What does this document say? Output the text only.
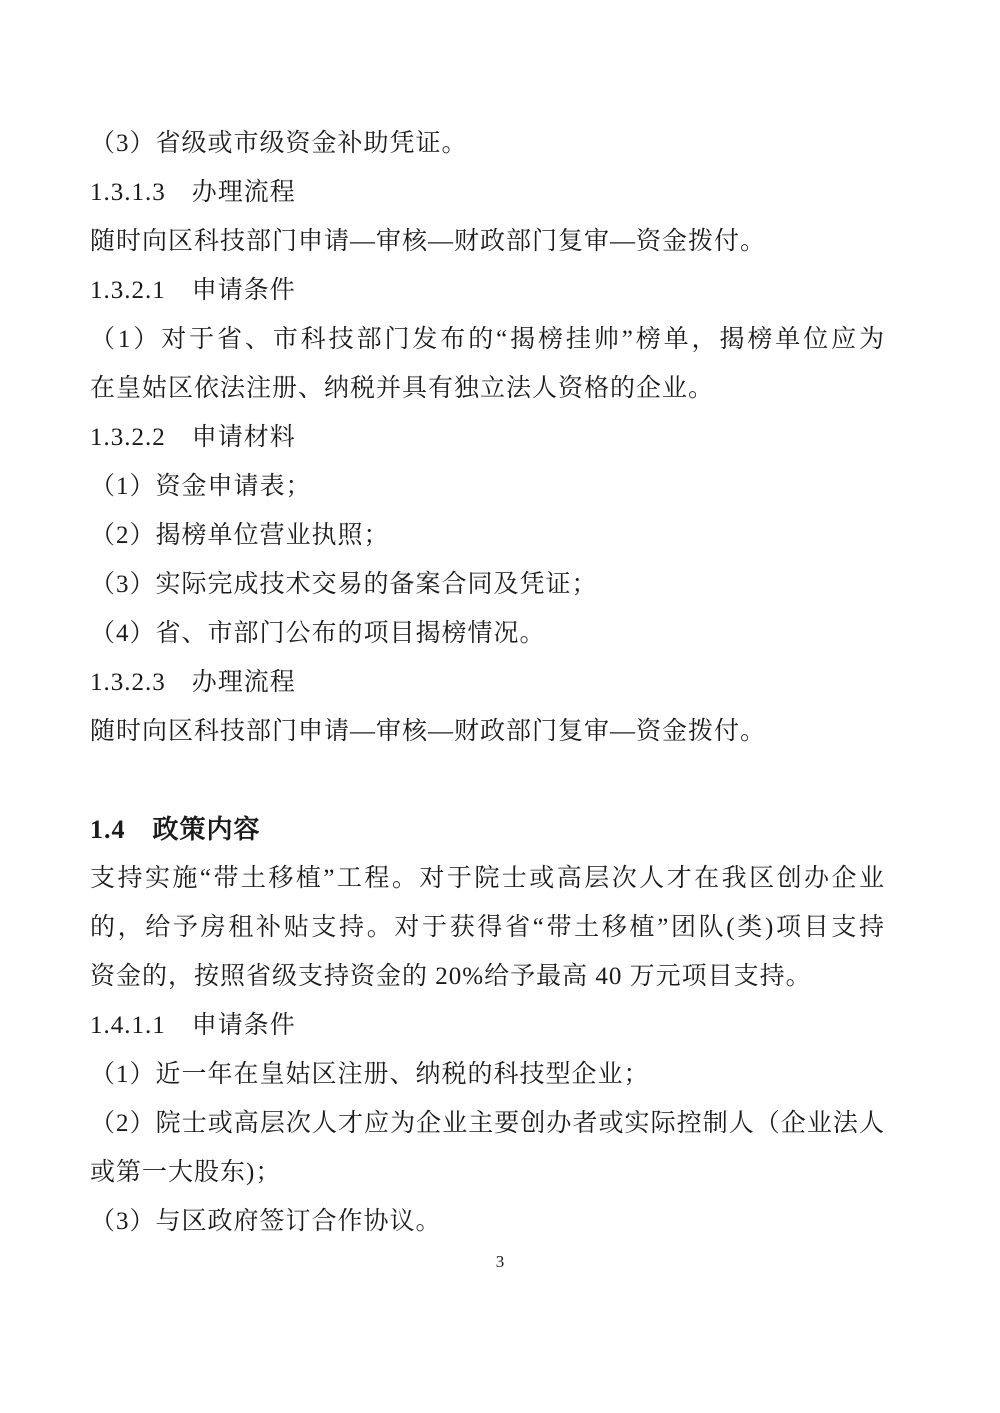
（3）省级或市级资金补助凭证。
1.3.1.3　办理流程
随时向区科技部门申请—审核—财政部门复审—资金拨付。
1.3.2.1　申请条件
（1）对于省、市科技部门发布的“揭榜挂帅”榜单，揭榜单位应为
在皇姑区依法注册、纳税并具有独立法人资格的企业。
1.3.2.2　申请材料
（1）资金申请表；
（2）揭榜单位营业执照；
（3）实际完成技术交易的备案合同及凭证；
（4）省、市部门公布的项目揭榜情况。
1.3.2.3　办理流程
随时向区科技部门申请—审核—财政部门复审—资金拨付。
1.4　政策内容
支持实施“带土移植”工程。对于院士或高层次人才在我区创办企业
的，给予房租补贴支持。对于获得省“带土移植”团队(类)项目支持
资金的，按照省级支持资金的 20%给予最高 40 万元项目支持。
1.4.1.1　申请条件
（1）近一年在皇姑区注册、纳税的科技型企业；
（2）院士或高层次人才应为企业主要创办者或实际控制人（企业法人
或第一大股东)；
（3）与区政府签订合作协议。
3
